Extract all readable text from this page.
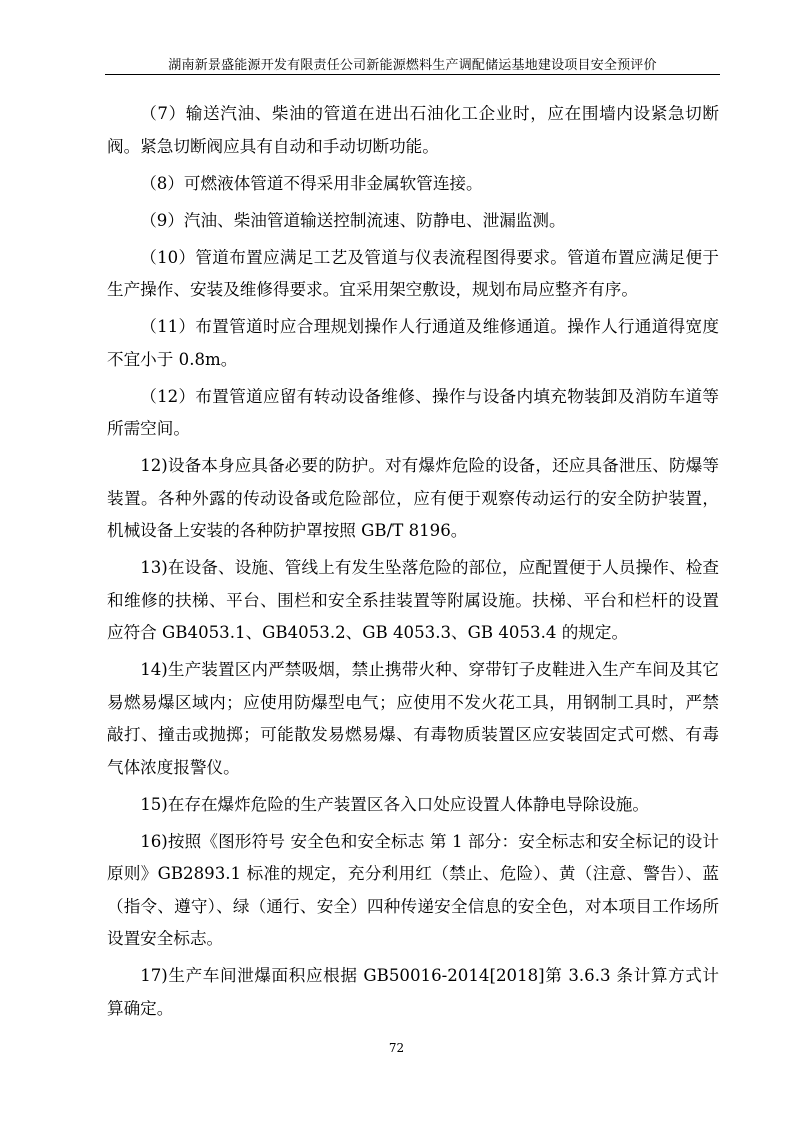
湖南新景盛能源开发有限责任公司新能源燃料生产调配储运基地建设项目安全预评价

（7）输送汽油、柴油的管道在进出石油化工企业时，应在围墙内设紧急切断阀。紧急切断阀应具有自动和手动切断功能。

（8）可燃液体管道不得采用非金属软管连接。

（9）汽油、柴油管道输送控制流速、防静电、泄漏监测。

（10）管道布置应满足工艺及管道与仪表流程图得要求。管道布置应满足便于生产操作、安装及维修得要求。宜采用架空敷设，规划布局应整齐有序。

（11）布置管道时应合理规划操作人行通道及维修通道。操作人行通道得宽度不宜小于 0.8m。

（12）布置管道应留有转动设备维修、操作与设备内填充物装卸及消防车道等所需空间。

12)设备本身应具备必要的防护。对有爆炸危险的设备，还应具备泄压、防爆等装置。各种外露的传动设备或危险部位，应有便于观察传动运行的安全防护装置，机械设备上安装的各种防护罩按照 GB/T 8196。

13)在设备、设施、管线上有发生坠落危险的部位，应配置便于人员操作、检查和维修的扶梯、平台、围栏和安全系挂装置等附属设施。扶梯、平台和栏杆的设置应符合 GB4053.1、GB4053.2、GB 4053.3、GB 4053.4 的规定。

14)生产装置区内严禁吸烟，禁止携带火种、穿带钉子皮鞋进入生产车间及其它易燃易爆区域内；应使用防爆型电气；应使用不发火花工具，用钢制工具时，严禁敲打、撞击或抛掷；可能散发易燃易爆、有毒物质装置区应安装固定式可燃、有毒气体浓度报警仪。

15)在存在爆炸危险的生产装置区各入口处应设置人体静电导除设施。

16)按照《图形符号 安全色和安全标志 第 1 部分：安全标志和安全标记的设计原则》GB2893.1 标准的规定，充分利用红（禁止、危险）、黄（注意、警告）、蓝（指令、遵守）、绿（通行、安全）四种传递安全信息的安全色，对本项目工作场所设置安全标志。

17)生产车间泄爆面积应根据 GB50016-2014[2018]第 3.6.3 条计算方式计算确定。

72
